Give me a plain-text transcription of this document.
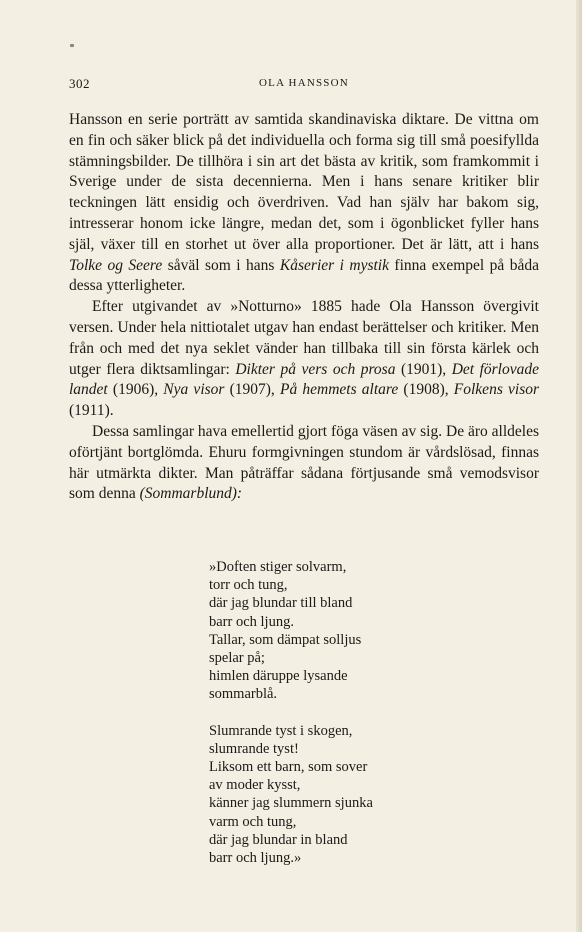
302	OLA HANSSON

Hansson en serie porträtt av samtida skandinaviska diktare. De vittna om en fin och säker blick på det individuella och forma sig till små poesifyllda stämningsbilder. De tillhöra i sin art det bästa av kritik, som framkommit i Sverige under de sista decennierna. Men i hans senare kritiker blir teckningen lätt ensidig och överdriven. Vad han själv har bakom sig, intresserar honom icke längre, medan det, som i ögonblicket fyller hans själ, växer till en storhet ut över alla proportioner. Det är lätt, att i hans Tolke og Seere såväl som i hans Kåserier i mystik finna exempel på båda dessa ytterligheter.

Efter utgivandet av »Notturno» 1885 hade Ola Hansson övergivit versen. Under hela nittiotalet utgav han endast berättelser och kritiker. Men från och med det nya seklet vänder han tillbaka till sin första kärlek och utger flera diktsamlingar: Dikter på vers och prosa (1901), Det förlovade landet (1906), Nya visor (1907), På hemmets altare (1908), Folkens visor (1911).

Dessa samlingar hava emellertid gjort föga väsen av sig. De äro alldeles oförtjänt bortglömda. Ehuru formgivningen stundom är vårdslösad, finnas här utmärkta dikter. Man påträffar sådana förtjusande små vemodsvisor som denna (Sommarblund):

»Doften stiger solvarm,
torr och tung,
där jag blundar till bland
barr och ljung.
Tallar, som dämpat solljus
spelar på;
himlen däruppe lysande
sommarblå.
Slumrande tyst i skogen,
slumrande tyst!
Liksom ett barn, som sover
av moder kysst,
känner jag slummern sjunka
varm och tung,
där jag blundar in bland
barr och ljung.»
